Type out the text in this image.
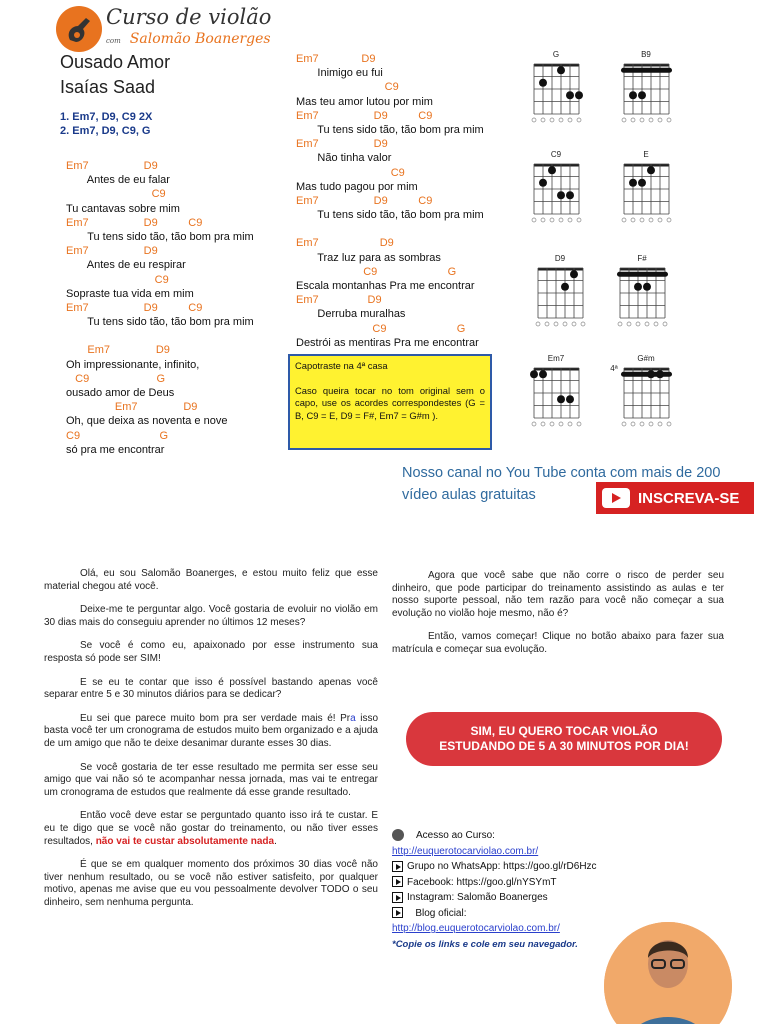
Curso de violão
com Salomão Boanerges
Ousado Amor
Isaías Saad
1. Em7, D9, C9 2X
2. Em7, D9, C9, G
Em7                  D9
Antes de eu falar
C9
Tu cantavas sobre mim
Em7                  D9          C9
Tu tens sido tão, tão bom pra mim
Em7                  D9
Antes de eu respirar
C9
Sopraste tua vida em mim
Em7                  D9          C9
Tu tens sido tão, tão bom pra mim
Em7               D9
Oh impressionante, infinito,
C9                      G
ousado amor de Deus
Em7               D9
Oh, que deixa as noventa e nove
C9                          G
só pra me encontrar
Em7              D9
Inimigo eu fui
C9
Mas teu amor lutou por mim
Em7                  D9          C9
Tu tens sido tão, tão bom pra mim
Em7                  D9
Não tinha valor
C9
Mas tudo pagou por mim
Em7                  D9          C9
Tu tens sido tão, tão bom pra mim
Em7                    D9
Traz luz para as sombras
C9                       G
Escala montanhas Pra me encontrar
Em7                D9
Derruba muralhas
C9                       G
Destrói as mentiras Pra me encontrar
Capotraste na 4ª casa

Caso queira tocar no tom original sem o capo, use os acordes correspondestes (G = B, C9 = E, D9 = F#, Em7 = G#m ).

G	B9
C9	E
D9	F#
Em7	G#m
4ª
Nosso canal no You Tube conta com mais de 200
vídeo aulas gratuitas	INSCREVA-SE

Olá, eu sou Salomão Boanerges, e estou muito feliz que esse material chegou até você.

Deixe-me te perguntar algo. Você gostaria de evoluir no violão em 30 dias mais do conseguiu aprender no últimos 12 meses?

Se você é como eu, apaixonado por esse instrumento sua resposta só pode ser SIM!

E se eu te contar que isso é possível bastando apenas você separar entre 5 e 30 minutos diários para se dedicar?

Eu sei que parece muito bom pra ser verdade mais é! Pra isso basta você ter um cronograma de estudos muito bem organizado e a ajuda de um amigo que não te deixe desanimar durante esses 30 dias.

Se você gostaria de ter esse resultado me permita ser esse seu amigo que vai não só te acompanhar nessa jornada, mas vai te entregar um cronograma de estudos que realmente dá esse grande resultado.

Então você deve estar se perguntado quanto isso irá te custar. E eu te digo que se você não gostar do treinamento, ou não tiver esses resultados, não vai te custar absolutamente nada.

É que se em qualquer momento dos próximos 30 dias você não tiver nenhum resultado, ou se você não estiver satisfeito, por qualquer motivo, apenas me avise que eu vou pessoalmente devolver TODO o seu dinheiro, sem nenhuma pergunta.

Agora que você sabe que não corre o risco de perder seu dinheiro, que pode participar do treinamento assistindo as aulas e ter nosso suporte pessoal, não tem razão para você não começar a sua evolução no violão hoje mesmo, não é?

Então, vamos começar! Clique no botão abaixo para fazer sua matrícula e começar sua evolução.

SIM, EU QUERO TOCAR VIOLÃO
ESTUDANDO DE 5 A 30 MINUTOS POR DIA!
Acesso ao Curso:
http://euquerotocarviolao.com.br/
Grupo no WhatsApp: https://goo.gl/rD6Hzc
Facebook: https://goo.gl/nYSYmT
Instagram: Salomão Boanerges
Blog oficial:
http://blog.euquerotocarviolao.com.br/
*Copie os links e cole em seu navegador.
